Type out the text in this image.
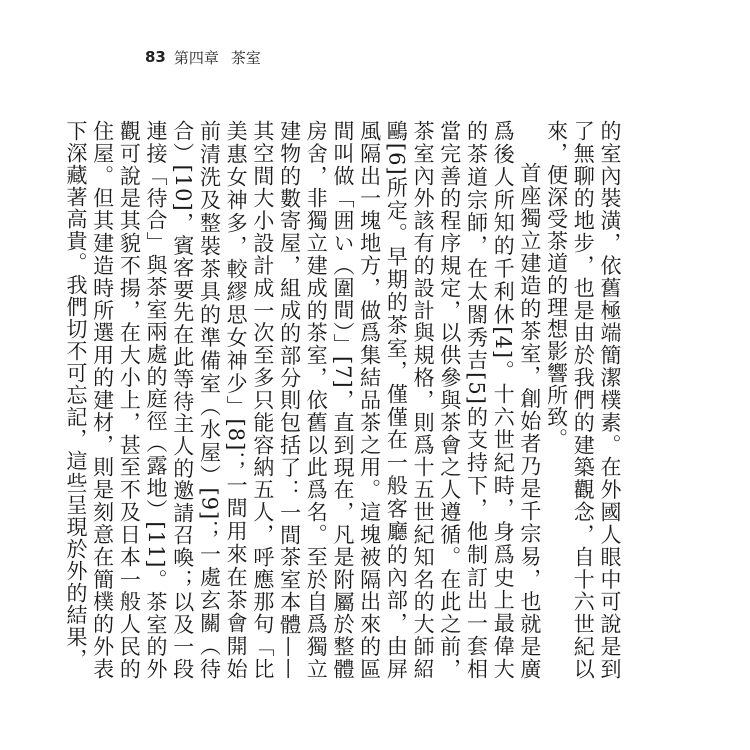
83 第四章 茶室

的室內裝潢，依舊極端簡潔樸素。在外國人眼中可說是到了無聊的地步，也是由於我們的建築觀念，自十六世紀以來，便深受茶道的理想影響所致。

首座獨立建造的茶室，創始者乃是千宗易，也就是廣爲後人所知的千利休[4]。十六世紀時，身爲史上最偉大的茶道宗師，在太閤秀吉[5]的支持下，他制訂出一套相當完善的程序規定，以供參與茶會之人遵循。在此之前，茶室內外該有的設計與規格，則爲十五世紀知名的大師紹鷗[6]所定。早期的茶室，僅僅在一般客廳的內部，由屏風隔出一塊地方，做爲集結品茶之用。這塊被隔出來的區間叫做「囲い（圍間）」[7]，直到現在，凡是附屬於整體房舍，非獨立建成的茶室，依舊以此爲名。至於自爲獨立建物的數寄屋，組成的部分則包括了：一間茶室本體——其空間大小設計成一次至多只能容納五人，呼應那句「比美惠女神多，較繆思女神少」[8]；一間用來在茶會開始前清洗及整裝茶具的準備室（水屋）[9]；一處玄關（待合）[10]，賓客要先在此等待主人的邀請召喚；以及一段連接「待合」與茶室兩處的庭徑（露地）[11]。茶室的外觀可說是其貌不揚，在大小上，甚至不及日本一般人民的住屋。但其建造時所選用的建材，則是刻意在簡樸的外表下深藏著高貴。我們切不可忘記，這些呈現於外的結果，
